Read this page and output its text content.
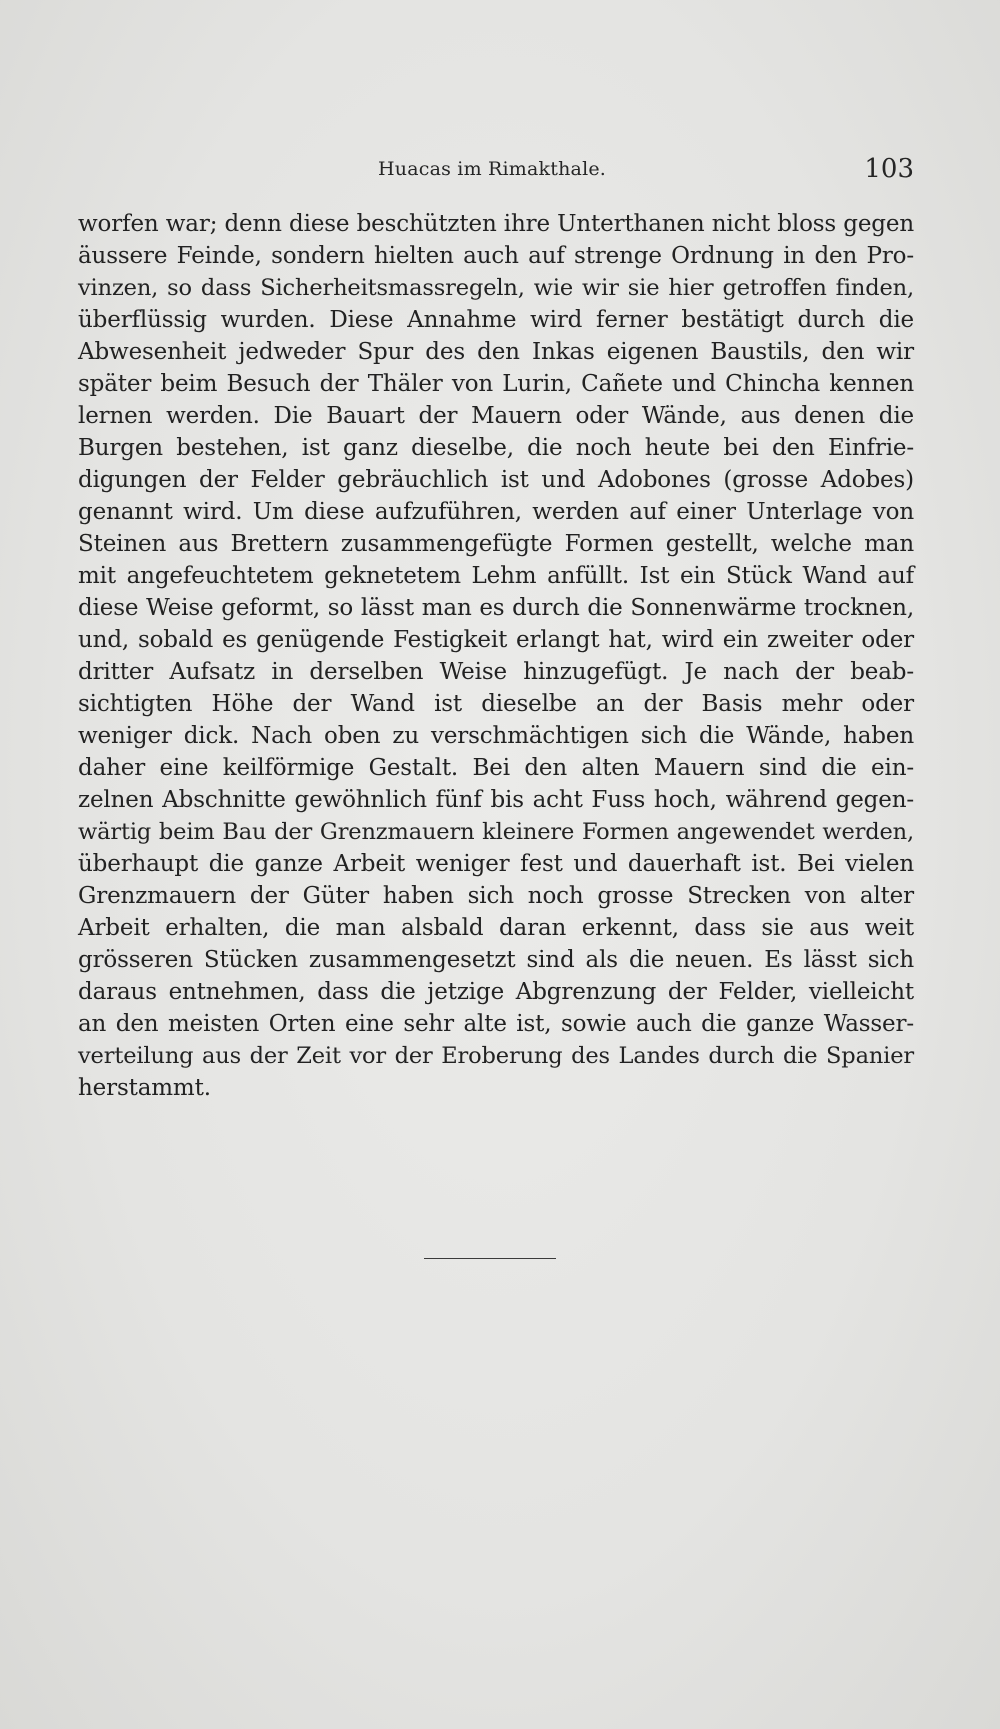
Huacas im Rimakthale.	103
worfen war; denn diese beschützten ihre Unterthanen nicht bloss gegen
äussere Feinde, sondern hielten auch auf strenge Ordnung in den Pro-
vinzen, so dass Sicherheitsmassregeln, wie wir sie hier getroffen finden,
überflüssig wurden. Diese Annahme wird ferner bestätigt durch die
Abwesenheit jedweder Spur des den Inkas eigenen Baustils, den wir
später beim Besuch der Thäler von Lurin, Cañete und Chincha kennen
lernen werden. Die Bauart der Mauern oder Wände, aus denen die
Burgen bestehen, ist ganz dieselbe, die noch heute bei den Einfrie-
digungen der Felder gebräuchlich ist und Adobones (grosse Adobes)
genannt wird. Um diese aufzuführen, werden auf einer Unterlage von
Steinen aus Brettern zusammengefügte Formen gestellt, welche man
mit angefeuchtetem geknetetem Lehm anfüllt. Ist ein Stück Wand auf
diese Weise geformt, so lässt man es durch die Sonnenwärme trocknen,
und, sobald es genügende Festigkeit erlangt hat, wird ein zweiter oder
dritter Aufsatz in derselben Weise hinzugefügt. Je nach der beab-
sichtigten Höhe der Wand ist dieselbe an der Basis mehr oder
weniger dick. Nach oben zu verschmächtigen sich die Wände, haben
daher eine keilförmige Gestalt. Bei den alten Mauern sind die ein-
zelnen Abschnitte gewöhnlich fünf bis acht Fuss hoch, während gegen-
wärtig beim Bau der Grenzmauern kleinere Formen angewendet werden,
überhaupt die ganze Arbeit weniger fest und dauerhaft ist. Bei vielen
Grenzmauern der Güter haben sich noch grosse Strecken von alter
Arbeit erhalten, die man alsbald daran erkennt, dass sie aus weit
grösseren Stücken zusammengesetzt sind als die neuen. Es lässt sich
daraus entnehmen, dass die jetzige Abgrenzung der Felder, vielleicht
an den meisten Orten eine sehr alte ist, sowie auch die ganze Wasser-
verteilung aus der Zeit vor der Eroberung des Landes durch die Spanier
herstammt.
